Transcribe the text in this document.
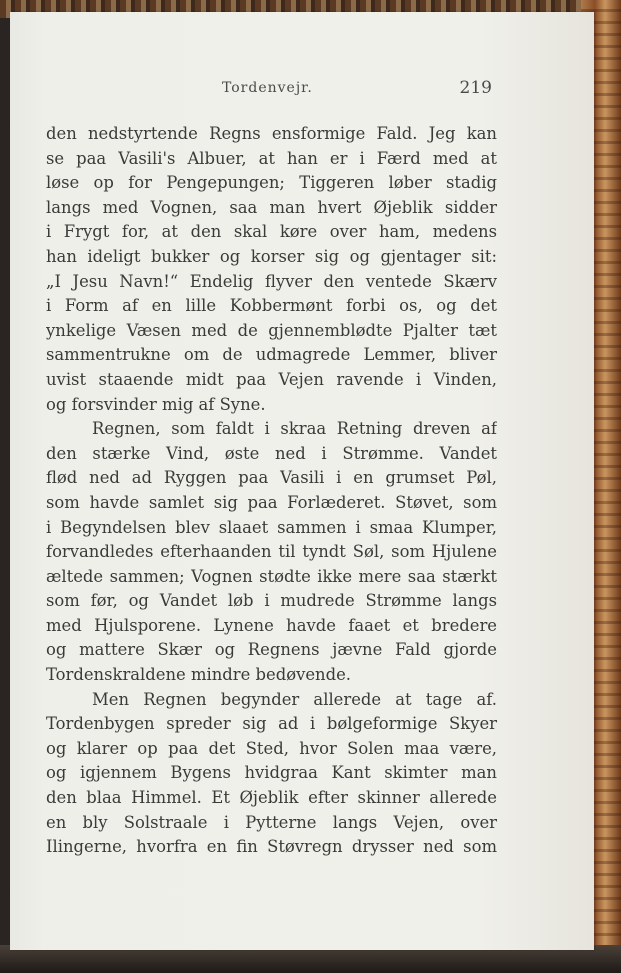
Tordenvejr.	219
den nedstyrtende Regns ensformige Fald. Jeg kan
se paa Vasili's Albuer, at han er i Færd med at
løse op for Pengepungen; Tiggeren løber stadig
langs med Vognen, saa man hvert Øjeblik sidder
i Frygt for, at den skal køre over ham, medens
han ideligt bukker og korser sig og gjentager sit:
„I Jesu Navn!“ Endelig flyver den ventede Skærv
i Form af en lille Kobbermønt forbi os, og det
ynkelige Væsen med de gjennemblødte Pjalter tæt
sammentrukne om de udmagrede Lemmer, bliver
uvist staaende midt paa Vejen ravende i Vinden,
og forsvinder mig af Syne.
Regnen, som faldt i skraa Retning dreven af
den stærke Vind, øste ned i Strømme. Vandet
flød ned ad Ryggen paa Vasili i en grumset Pøl,
som havde samlet sig paa Forlæderet. Støvet, som
i Begyndelsen blev slaaet sammen i smaa Klumper,
forvandledes efterhaanden til tyndt Søl, som Hjulene
æltede sammen; Vognen stødte ikke mere saa stærkt
som før, og Vandet løb i mudrede Strømme langs
med Hjulsporene. Lynene havde faaet et bredere
og mattere Skær og Regnens jævne Fald gjorde
Tordenskraldene mindre bedøvende.
Men Regnen begynder allerede at tage af.
Tordenbygen spreder sig ad i bølgeformige Skyer
og klarer op paa det Sted, hvor Solen maa være,
og igjennem Bygens hvidgraa Kant skimter man
den blaa Himmel. Et Øjeblik efter skinner allerede
en bly Solstraale i Pytterne langs Vejen, over
Ilingerne, hvorfra en fin Støvregn drysser ned som
